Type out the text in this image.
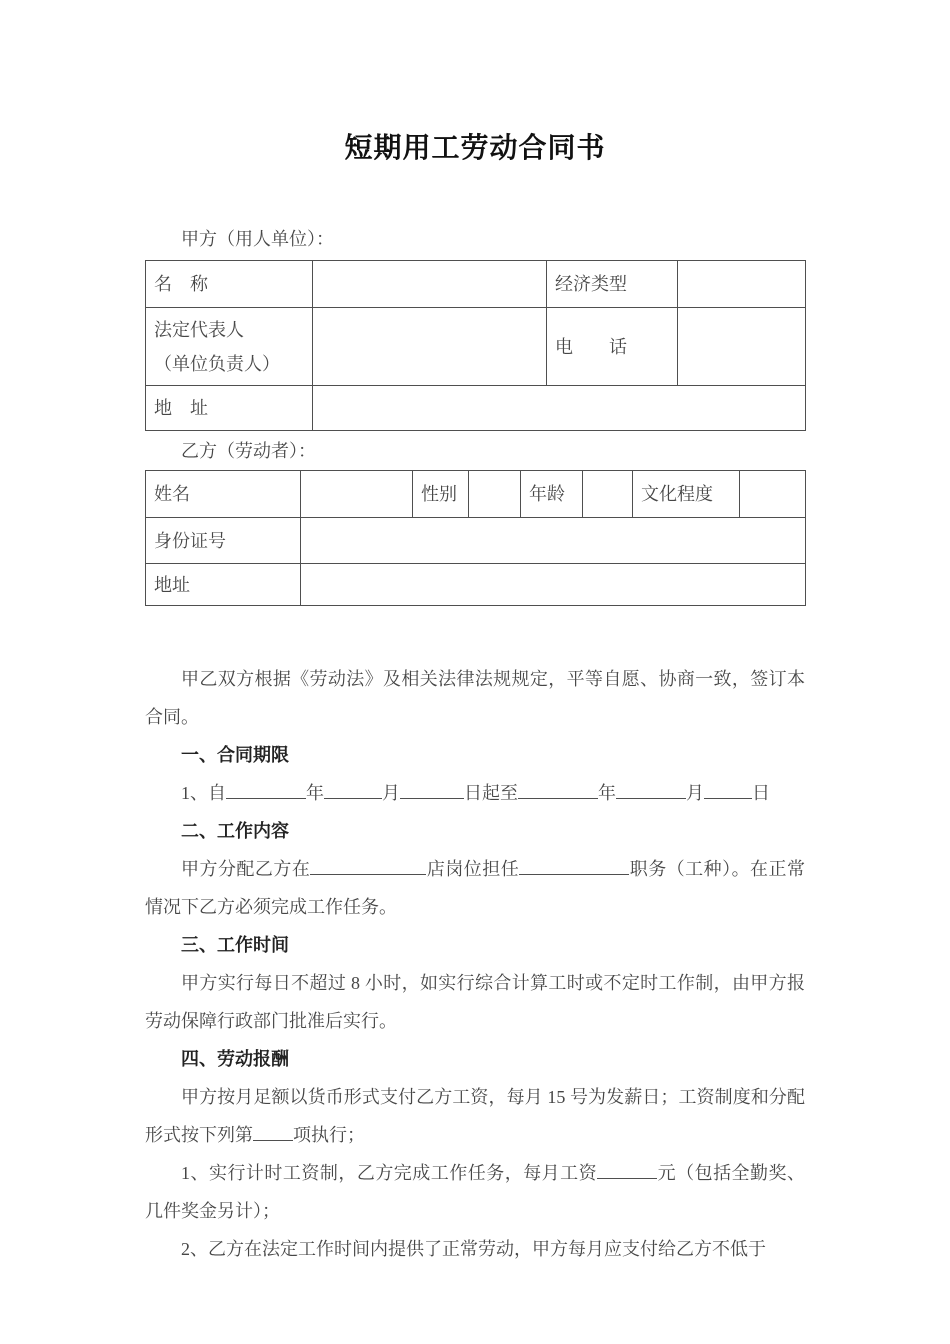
短期用工劳动合同书

甲方（用人单位）：

名　称		经济类型	

法定代表人
（单位负责人）		电　　话	
地　址			

乙方（劳动者）：

姓名		性别		年龄		文化程度	
身份证号							
地址							

甲乙双方根据《劳动法》及相关法律法规规定，平等自愿、协商一致，签订本合同。

一、合同期限

1、自	年	月	日起至	年	月	日

二、工作内容

甲方分配乙方在	店岗位担任	职务（工种）。在正常情况下乙方必须完成工作任务。

三、工作时间

甲方实行每日不超过 8 小时，如实行综合计算工时或不定时工作制，由甲方报劳动保障行政部门批准后实行。

四、劳动报酬

甲方按月足额以货币形式支付乙方工资，每月 15 号为发薪日；工资制度和分配形式按下列第 项执行；

1、实行计时工资制，乙方完成工作任务，每月工资	元（包括全勤奖、几件奖金另计）；

2、乙方在法定工作时间内提供了正常劳动，甲方每月应支付给乙方不低于
